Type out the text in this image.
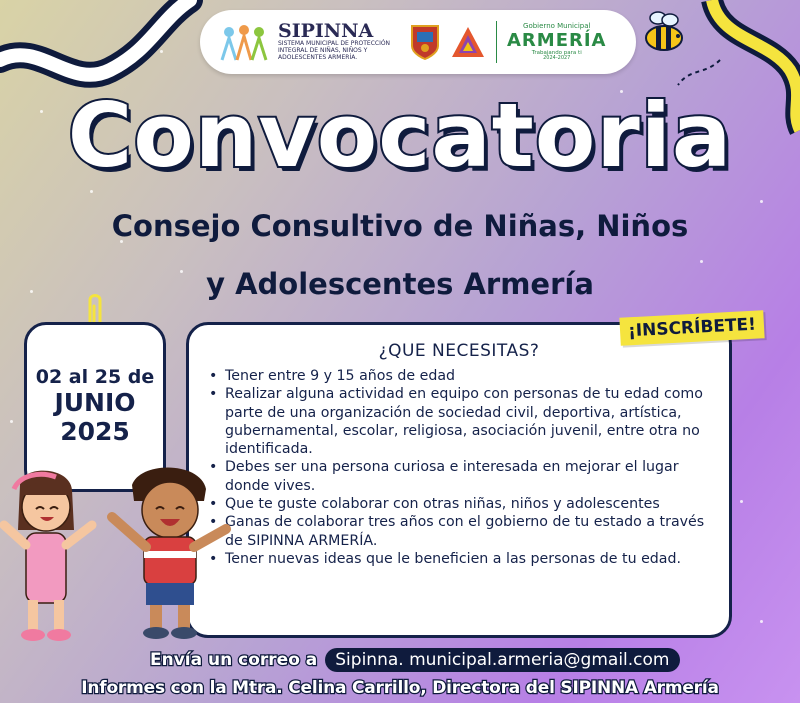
SIPINNA
SISTEMA MUNICIPAL DE PROTECCIÓN
INTEGRAL DE NIÑAS, NIÑOS Y
ADOLESCENTES ARMERÍA.
Gobierno Municipal
ARMERÍA
Trabajando para ti
2024-2027
Convocatoria
Consejo Consultivo de Niñas, Niños
y Adolescentes Armería
02 al 25 de
JUNIO
2025
¿QUE NECESITAS?
• Tener entre 9 y 15 años de edad
• Realizar alguna actividad en equipo con personas de tu edad como parte de una organización de sociedad civil, deportiva, artística, gubernamental, escolar, religiosa, asociación juvenil, entre otra no identificada.
• Debes ser una persona curiosa e interesada en mejorar el lugar donde vives.
• Que te guste colaborar con otras niñas, niños y adolescentes
• Ganas de colaborar tres años con el gobierno de tu estado a través de SIPINNA ARMERÍA.
• Tener nuevas ideas que le beneficien a las personas de tu edad.
¡INSCRÍBETE!
Envía un correo a	Sipinna. municipal.armeria@gmail.com
Informes con la Mtra. Celina Carrillo, Directora del SIPINNA Armería
